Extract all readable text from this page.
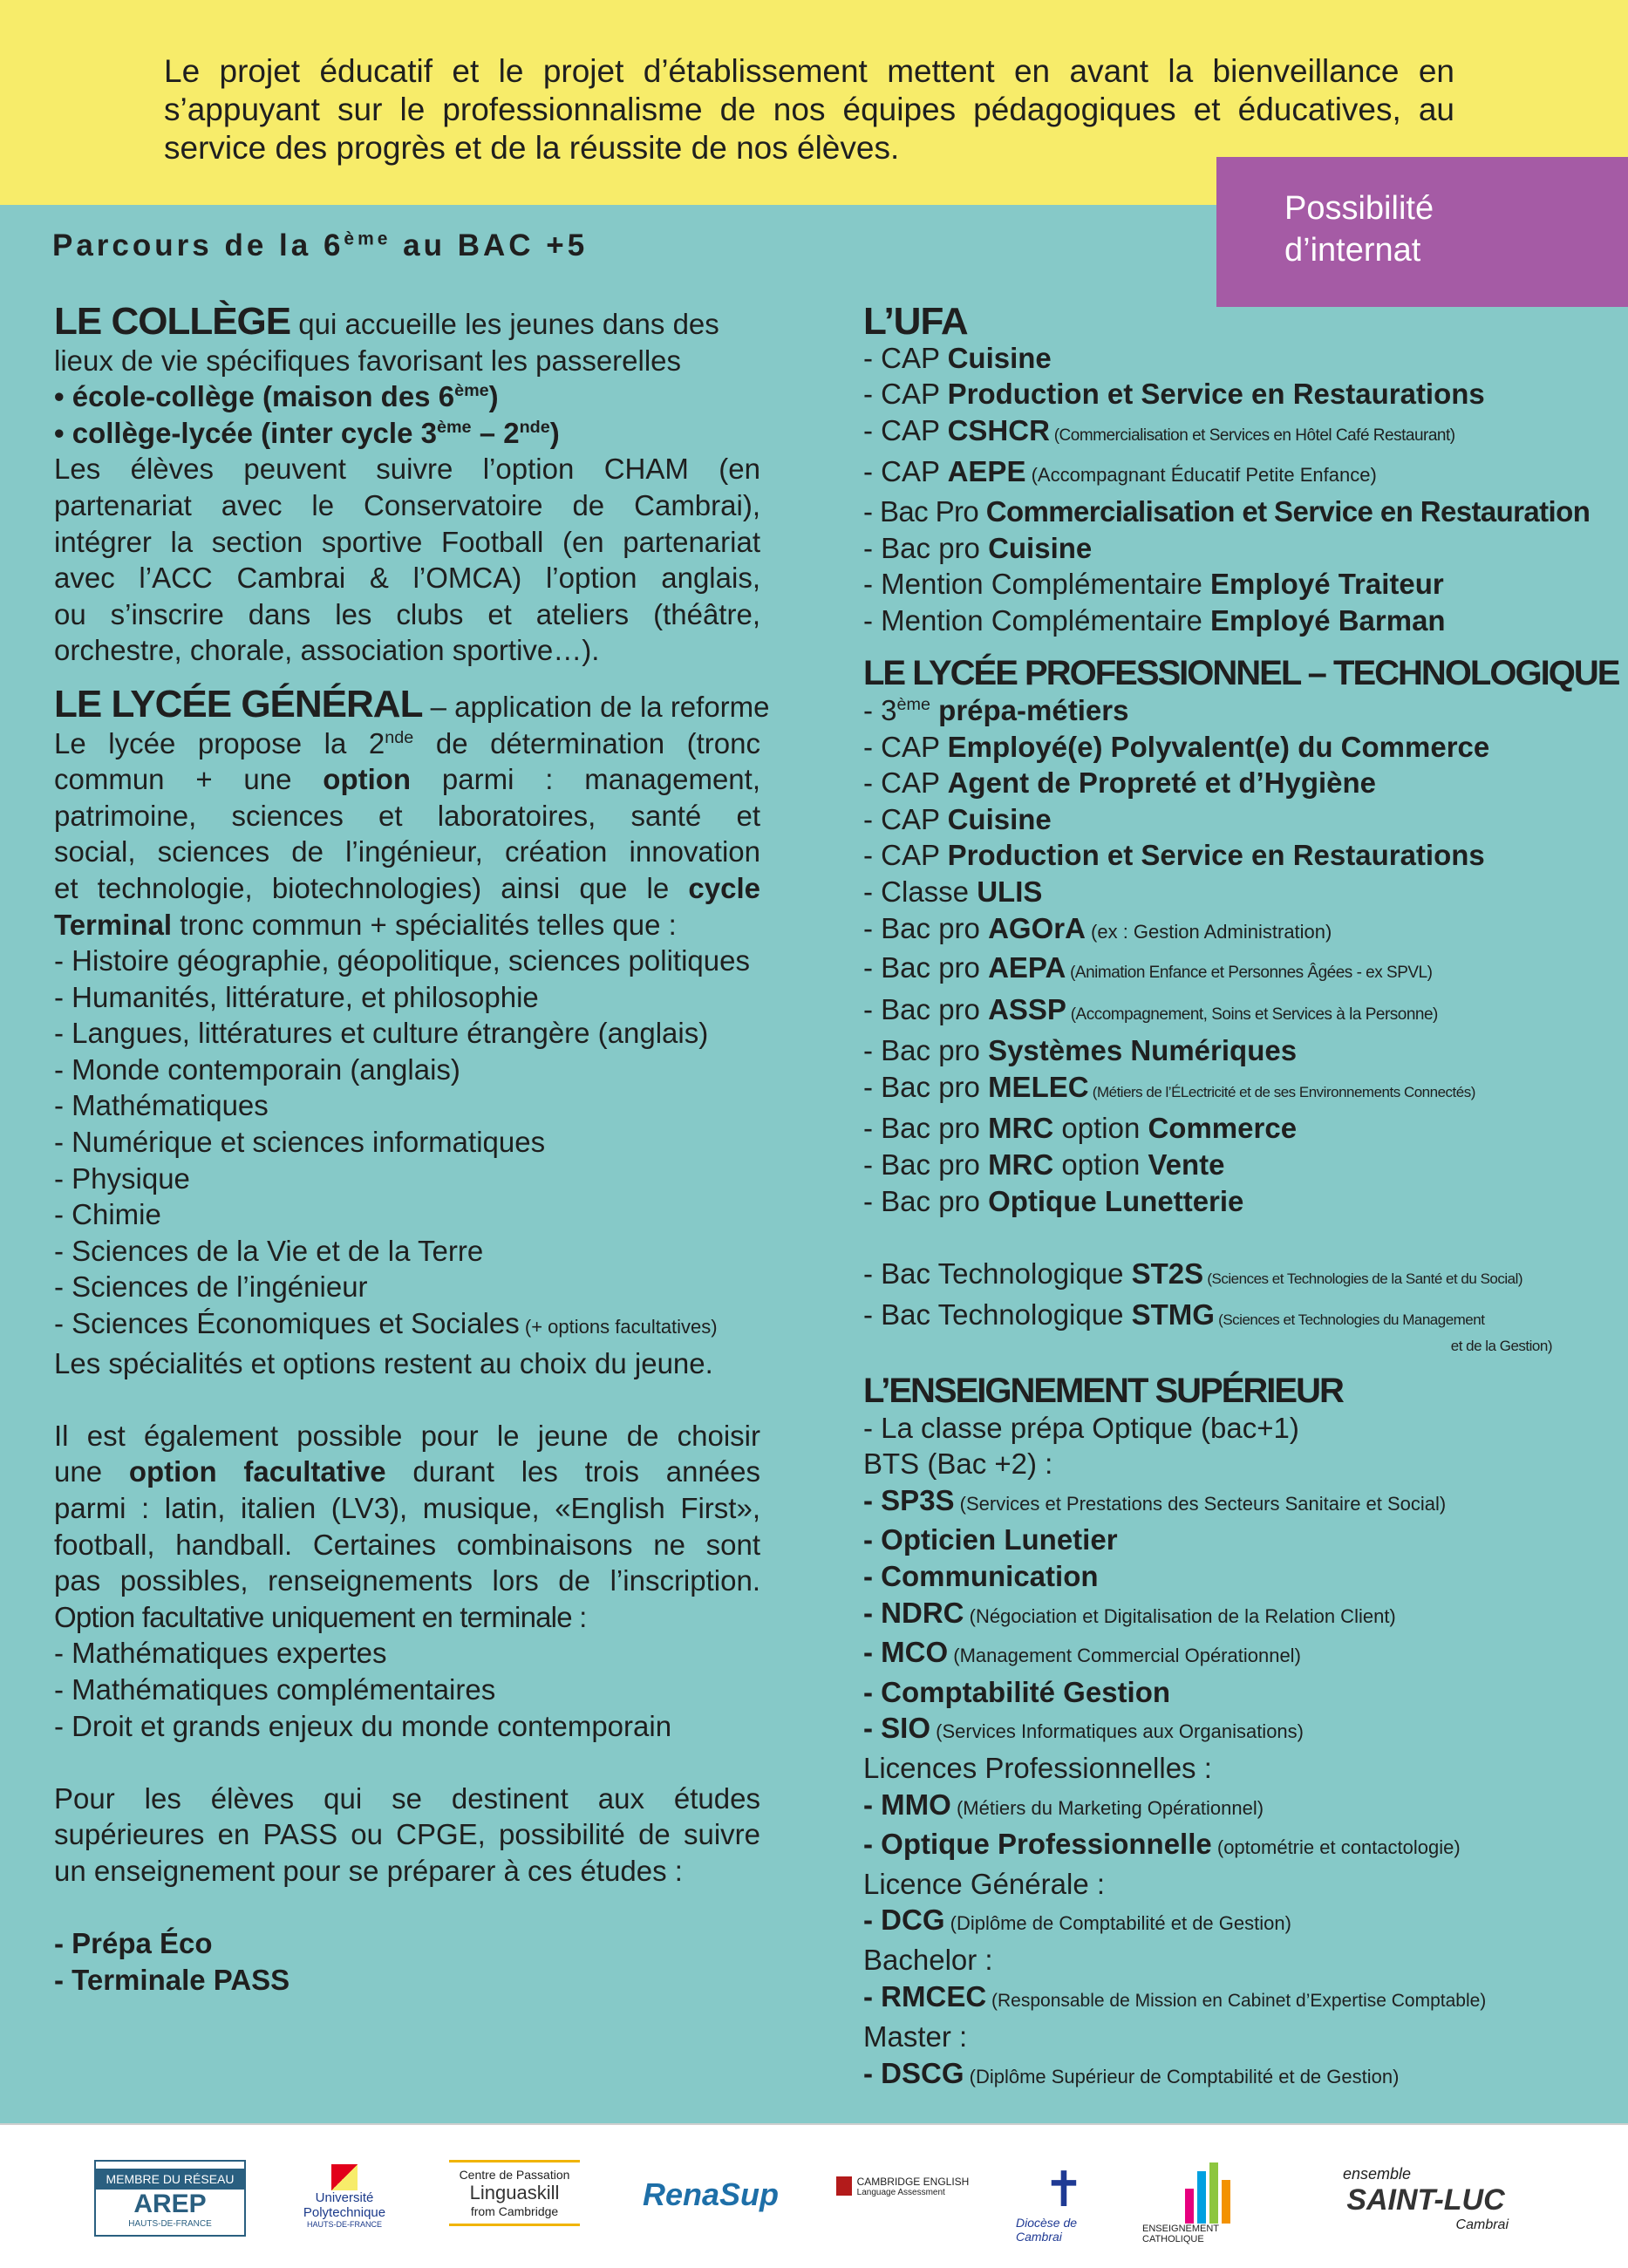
Le projet éducatif et le projet d’établissement mettent en avant la bienveillance en s’appuyant sur le professionnalisme de nos équipes pédagogiques et éducatives, au service des progrès et de la réussite de nos élèves.
Possibilité
d’internat
Parcours de la 6ème au BAC +5
LE COLLÈGE qui accueille les jeunes dans des
lieux de vie spécifiques favorisant les passerelles
• école-collège (maison des 6ème)
• collège-lycée (inter cycle 3ème – 2nde)
Les élèves peuvent suivre l’option CHAM (en
partenariat avec le Conservatoire de Cambrai),
intégrer la section sportive Football (en partenariat
avec l’ACC Cambrai & l’OMCA) l’option anglais,
ou s’inscrire dans les clubs et ateliers (théâtre,
orchestre, chorale, association sportive…).
LE LYCÉE GÉNÉRAL – application de la reforme
Le lycée propose la 2nde de détermination (tronc
commun + une option parmi : management,
patrimoine, sciences et laboratoires, santé et
social, sciences de l’ingénieur, création innovation
et technologie, biotechnologies) ainsi que le cycle
Terminal tronc commun + spécialités telles que :
- Histoire géographie, géopolitique, sciences politiques
- Humanités, littérature, et philosophie
- Langues, littératures et culture étrangère (anglais)
- Monde contemporain (anglais)
- Mathématiques
- Numérique et sciences informatiques
- Physique
- Chimie
- Sciences de la Vie et de la Terre
- Sciences de l’ingénieur
- Sciences Économiques et Sociales (+ options facultatives)
Les spécialités et options restent au choix du jeune.
Il est également possible pour le jeune de choisir
une option facultative durant les trois années
parmi : latin, italien (LV3), musique, «English First»,
football, handball. Certaines combinaisons ne sont
pas possibles, renseignements lors de l’inscription.
Option facultative uniquement en terminale :
- Mathématiques expertes
- Mathématiques complémentaires
- Droit et grands enjeux du monde contemporain
Pour les élèves qui se destinent aux études
supérieures en PASS ou CPGE, possibilité de suivre
un enseignement pour se préparer à ces études :
- Prépa Éco
- Terminale PASS
L’UFA
- CAP Cuisine
- CAP Production et Service en Restaurations
- CAP CSHCR (Commercialisation et Services en Hôtel Café Restaurant)
- CAP AEPE (Accompagnant Éducatif Petite Enfance)
- Bac Pro Commercialisation et Service en Restauration
- Bac pro Cuisine
- Mention Complémentaire Employé Traiteur
- Mention Complémentaire Employé Barman
LE LYCÉE PROFESSIONNEL – TECHNOLOGIQUE
- 3ème prépa-métiers
- CAP Employé(e) Polyvalent(e) du Commerce
- CAP Agent de Propreté et d’Hygiène
- CAP Cuisine
- CAP Production et Service en Restaurations
- Classe ULIS
- Bac pro AGOrA (ex : Gestion Administration)
- Bac pro AEPA (Animation Enfance et Personnes Âgées - ex SPVL)
- Bac pro ASSP (Accompagnement, Soins et Services à la Personne)
- Bac pro Systèmes Numériques
- Bac pro MELEC (Métiers de l’ÉLectricité et de ses Environnements Connectés)
- Bac pro MRC option Commerce
- Bac pro MRC option Vente
- Bac pro Optique Lunetterie
- Bac Technologique ST2S (Sciences et Technologies de la Santé et du Social)
- Bac Technologique STMG (Sciences et Technologies du Management
et de la Gestion)
L’ENSEIGNEMENT SUPÉRIEUR
- La classe prépa Optique (bac+1)
BTS (Bac +2) :
- SP3S (Services et Prestations des Secteurs Sanitaire et Social)
- Opticien Lunetier
- Communication
- NDRC (Négociation et Digitalisation de la Relation Client)
- MCO (Management Commercial Opérationnel)
- Comptabilité Gestion
- SIO (Services Informatiques aux Organisations)
Licences Professionnelles :
- MMO (Métiers du Marketing Opérationnel)
- Optique Professionnelle (optométrie et contactologie)
Licence Générale :
- DCG (Diplôme de Comptabilité et de Gestion)
Bachelor :
- RMCEC (Responsable de Mission en Cabinet d’Expertise Comptable)
Master :
- DSCG (Diplôme Supérieur de Comptabilité et de Gestion)
MEMBRE DU RÉSEAU
AREP
HAUTS-DE-FRANCE
Université Polytechnique
HAUTS-DE-FRANCE
Centre de Passation
Linguaskill
from Cambridge	RenaSup	CAMBRIDGE ENGLISH
Language Assessment	✝
Diocèse de Cambrai
ENSEIGNEMENT CATHOLIQUE
ensemble
SAINT-LUC
Cambrai
